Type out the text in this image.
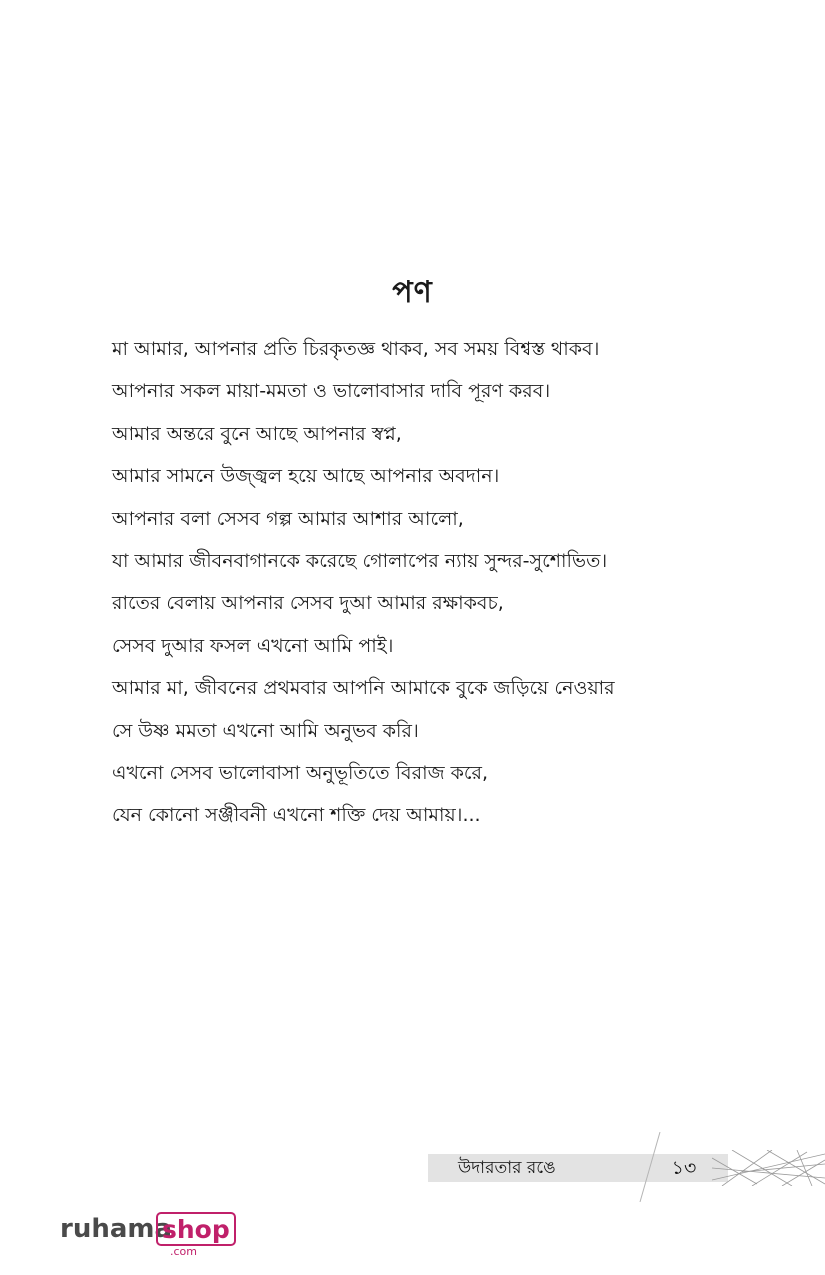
পণ
মা আমার, আপনার প্রতি চিরকৃতজ্ঞ থাকব, সব সময় বিশ্বস্ত থাকব।
আপনার সকল মায়া-মমতা ও ভালোবাসার দাবি পূরণ করব।
আমার অন্তরে বুনে আছে আপনার স্বপ্ন,
আমার সামনে উজ্জ্বল হয়ে আছে আপনার অবদান।
আপনার বলা সেসব গল্প আমার আশার আলো,
যা আমার জীবনবাগানকে করেছে গোলাপের ন্যায় সুন্দর-সুশোভিত।
রাতের বেলায় আপনার সেসব দুআ আমার রক্ষাকবচ,
সেসব দুআর ফসল এখনো আমি পাই।
আমার মা, জীবনের প্রথমবার আপনি আমাকে বুকে জড়িয়ে নেওয়ার
সে উষ্ণ মমতা এখনো আমি অনুভব করি।
এখনো সেসব ভালোবাসা অনুভূতিতে বিরাজ করে,
যেন কোনো সঞ্জীবনী এখনো শক্তি দেয় আমায়।...
উদারতার রঙে	১৩
ruhama
shop
.com
